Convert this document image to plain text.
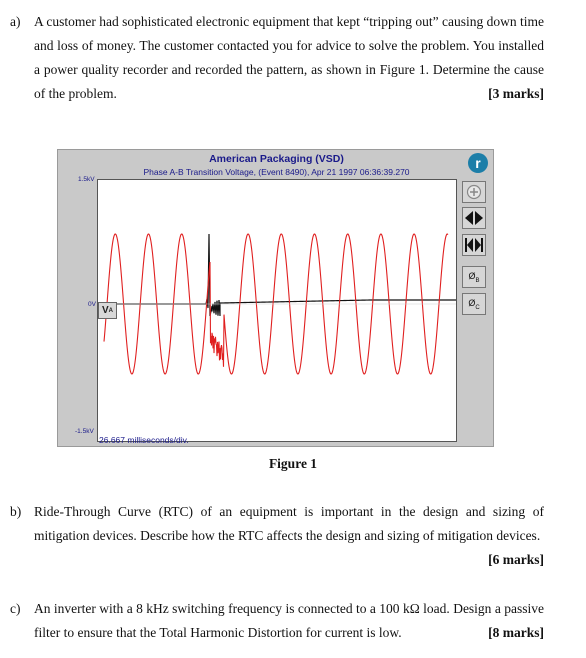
a) A customer had sophisticated electronic equipment that kept “tripping out” causing down time and loss of money. The customer contacted you for advice to solve the problem. You installed a power quality recorder and recorded the pattern, as shown in Figure 1. Determine the cause of the problem.	[3 marks]
American Packaging (VSD)
Phase A-B Transition Voltage, (Event 8490), Apr 21 1997 06:36:39.270
r
1.5kV
0V
-1.5kV
V A
26.667 milliseconds/div.
$Ø_B$
$Ø_C$
Figure 1
b) Ride-Through Curve (RTC) of an equipment is important in the design and sizing of mitigation devices. Describe how the RTC affects the design and sizing of mitigation devices.
[6 marks]
c) An inverter with a 8 kHz switching frequency is connected to a 100 kΩ load. Design a passive filter to ensure that the Total Harmonic Distortion for current is low.	[8 marks]
